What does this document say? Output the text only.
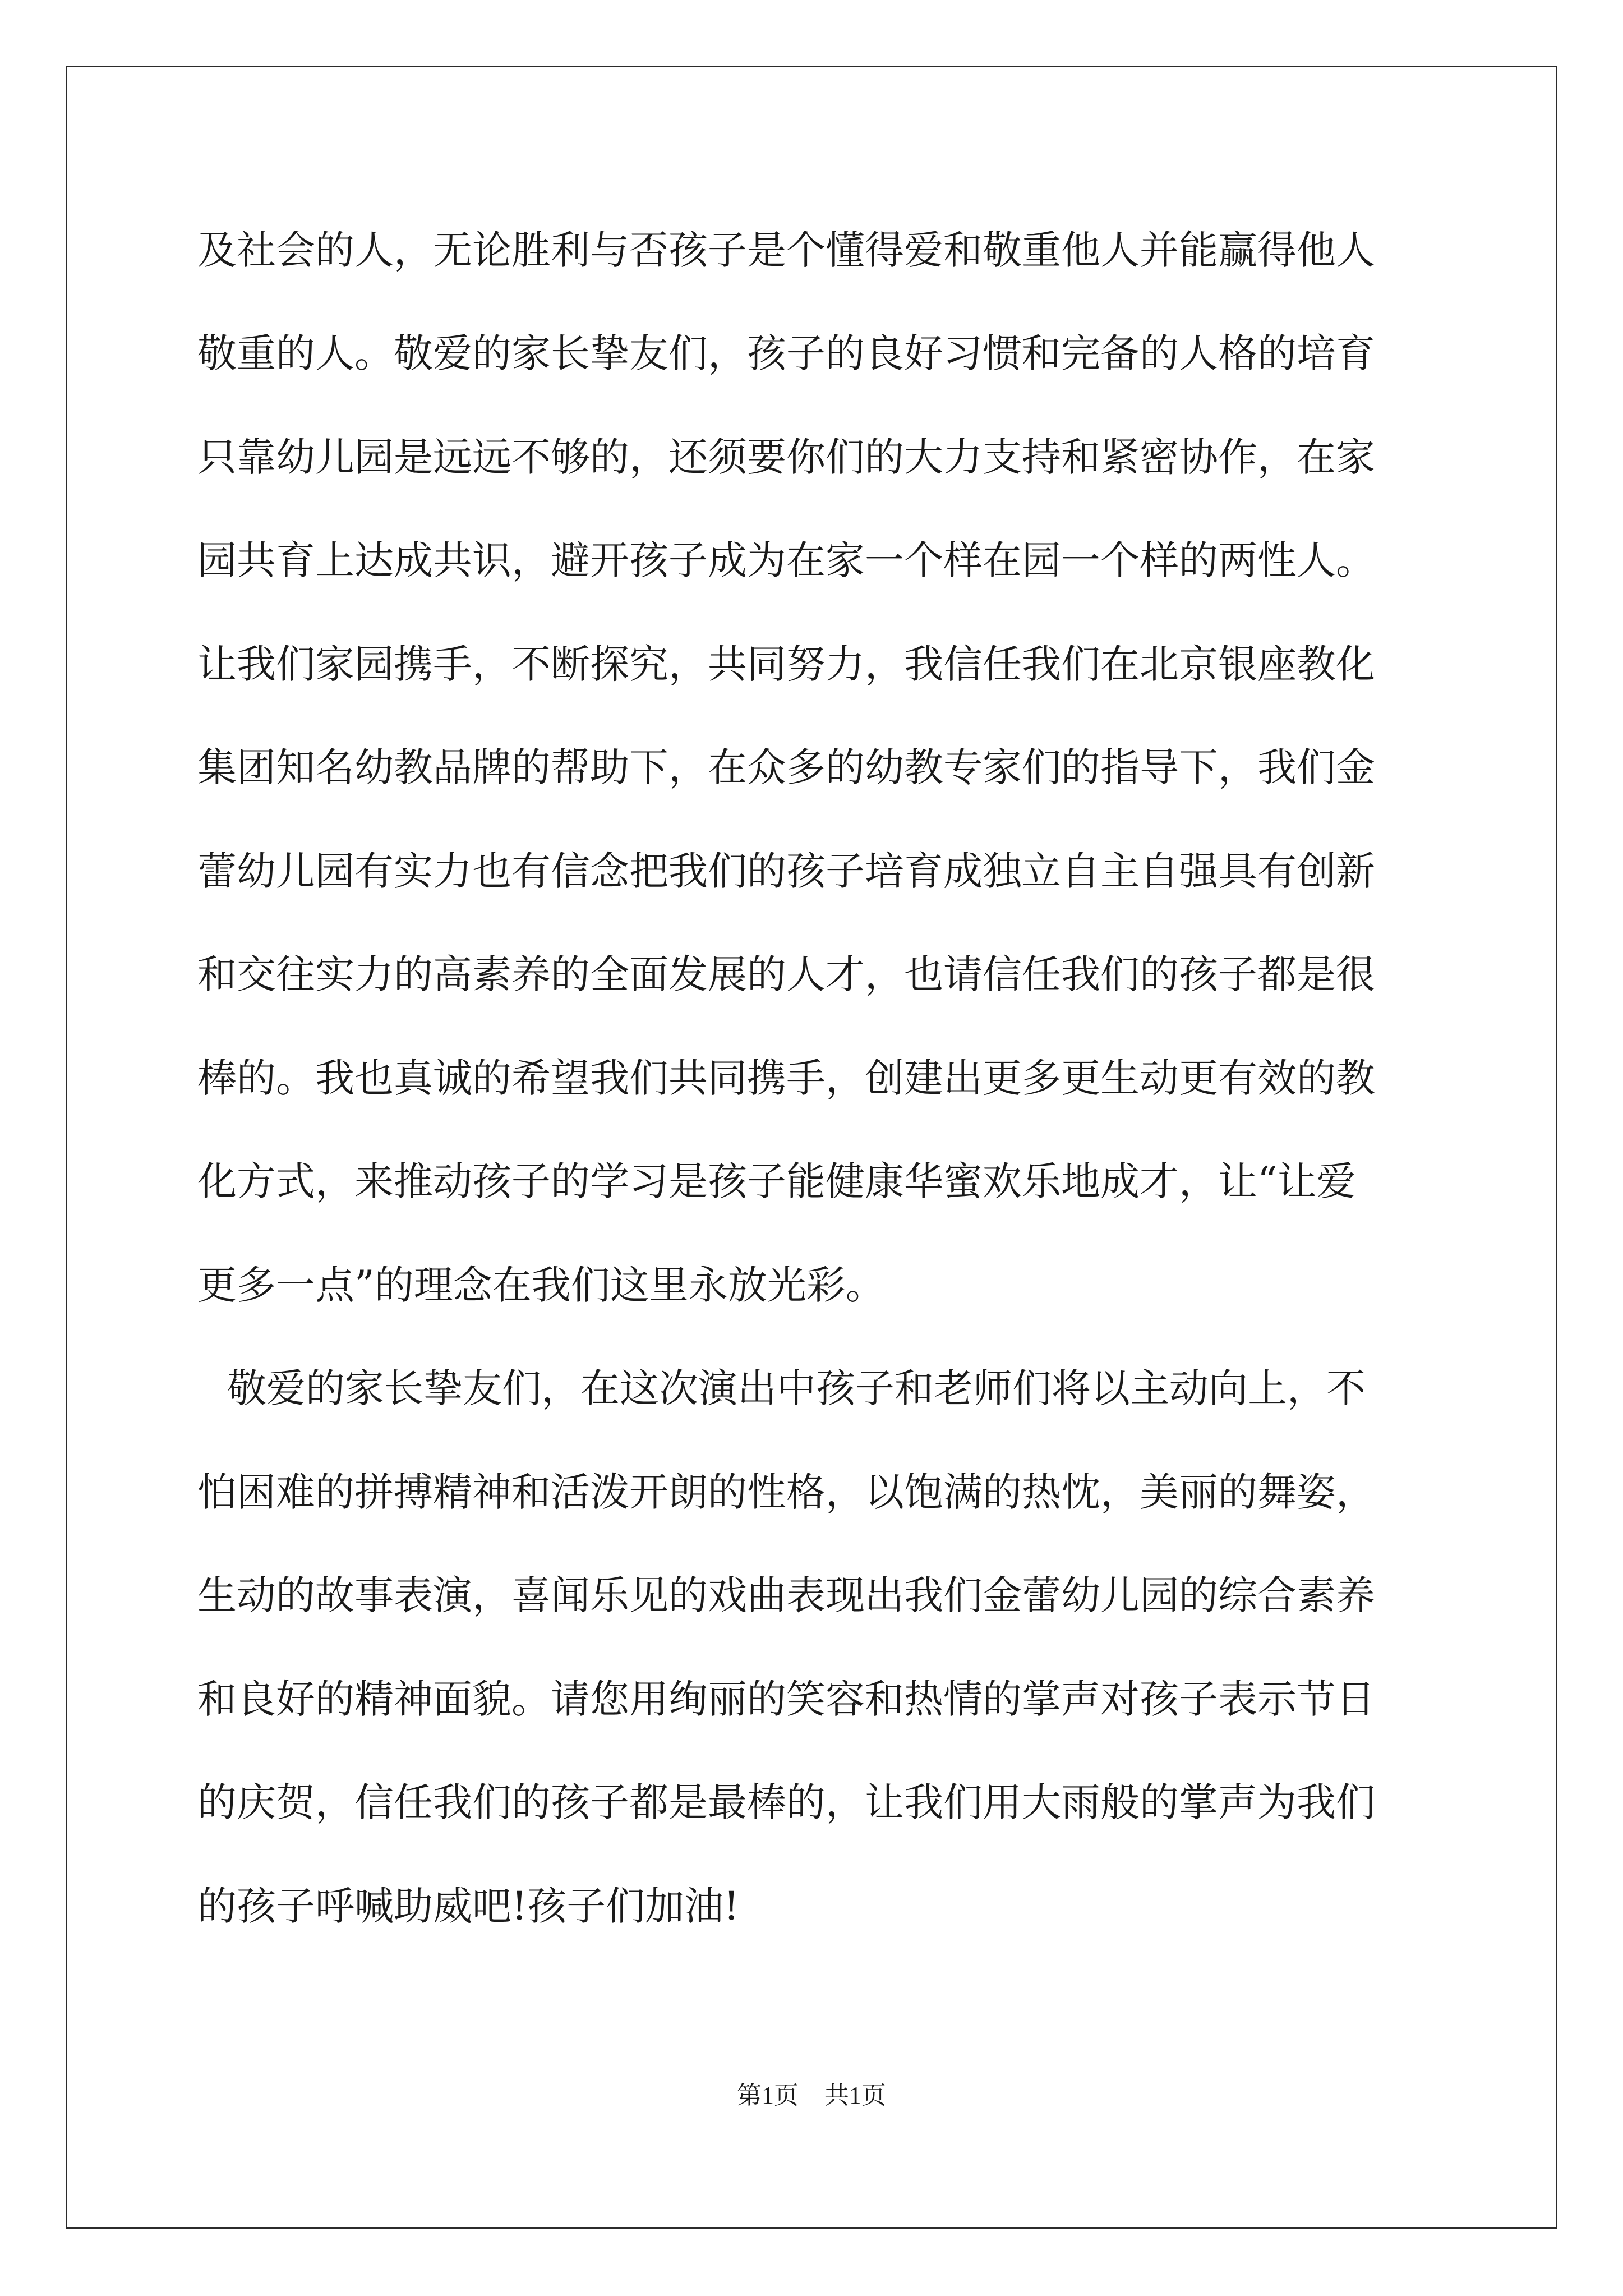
及社会的人，无论胜利与否孩子是个懂得爱和敬重他人并能赢得他人
敬重的人。敬爱的家长挚友们，孩子的良好习惯和完备的人格的培育
只靠幼儿园是远远不够的，还须要你们的大力支持和紧密协作，在家
园共育上达成共识，避开孩子成为在家一个样在园一个样的两性人。
让我们家园携手，不断探究，共同努力，我信任我们在北京银座教化
集团知名幼教品牌的帮助下，在众多的幼教专家们的指导下，我们金
蕾幼儿园有实力也有信念把我们的孩子培育成独立自主自强具有创新
和交往实力的高素养的全面发展的人才，也请信任我们的孩子都是很
棒的。我也真诚的希望我们共同携手，创建出更多更生动更有效的教
化方式，来推动孩子的学习是孩子能健康华蜜欢乐地成才，让“让爱
更多一点”的理念在我们这里永放光彩。
敬爱的家长挚友们，在这次演出中孩子和老师们将以主动向上，不
怕困难的拼搏精神和活泼开朗的性格，以饱满的热忱，美丽的舞姿，
生动的故事表演，喜闻乐见的戏曲表现出我们金蕾幼儿园的综合素养
和良好的精神面貌。请您用绚丽的笑容和热情的掌声对孩子表示节日
的庆贺，信任我们的孩子都是最棒的，让我们用大雨般的掌声为我们
的孩子呼喊助威吧!孩子们加油!
第1页 共1页
